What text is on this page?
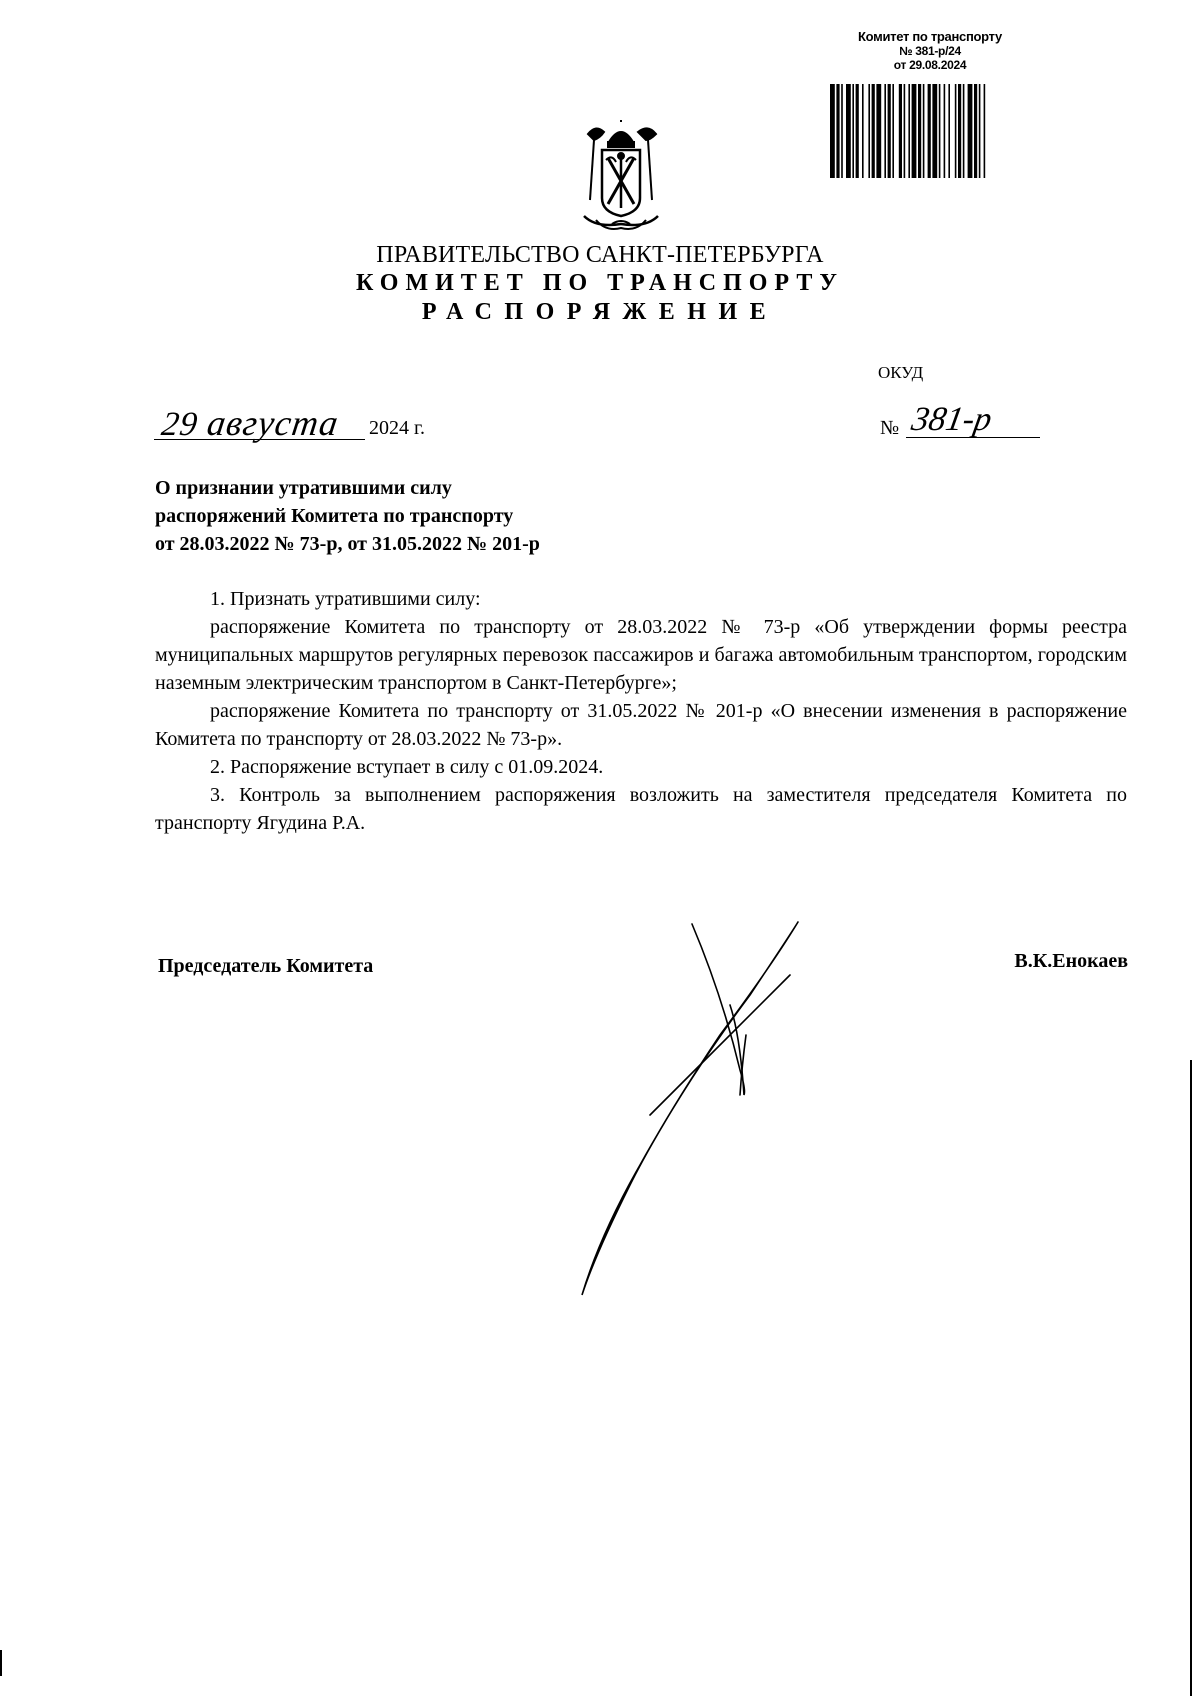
Комитет по транспорту
№ 381-р/24
от 29.08.2024
ПРАВИТЕЛЬСТВО САНКТ-ПЕТЕРБУРГА
КОМИТЕТ ПО ТРАНСПОРТУ
РАСПОРЯЖЕНИЕ
ОКУД
29 августа 2024 г.	№ 381-р
О признании утратившими силу
распоряжений Комитета по транспорту
от 28.03.2022 № 73-р, от 31.05.2022 № 201-р

1. Признать утратившими силу:

распоряжение Комитета по транспорту от 28.03.2022 № 73-р «Об утверждении формы реестра муниципальных маршрутов регулярных перевозок пассажиров и багажа автомобильным транспортом, городским наземным электрическим транспортом в Санкт-Петербурге»;

распоряжение Комитета по транспорту от 31.05.2022 № 201-р «О внесении изменения в распоряжение Комитета по транспорту от 28.03.2022 № 73-р».

2. Распоряжение вступает в силу с 01.09.2024.

3. Контроль за выполнением распоряжения возложить на заместителя председателя Комитета по транспорту Ягудина Р.А.

Председатель Комитета	В.К.Енокаев
